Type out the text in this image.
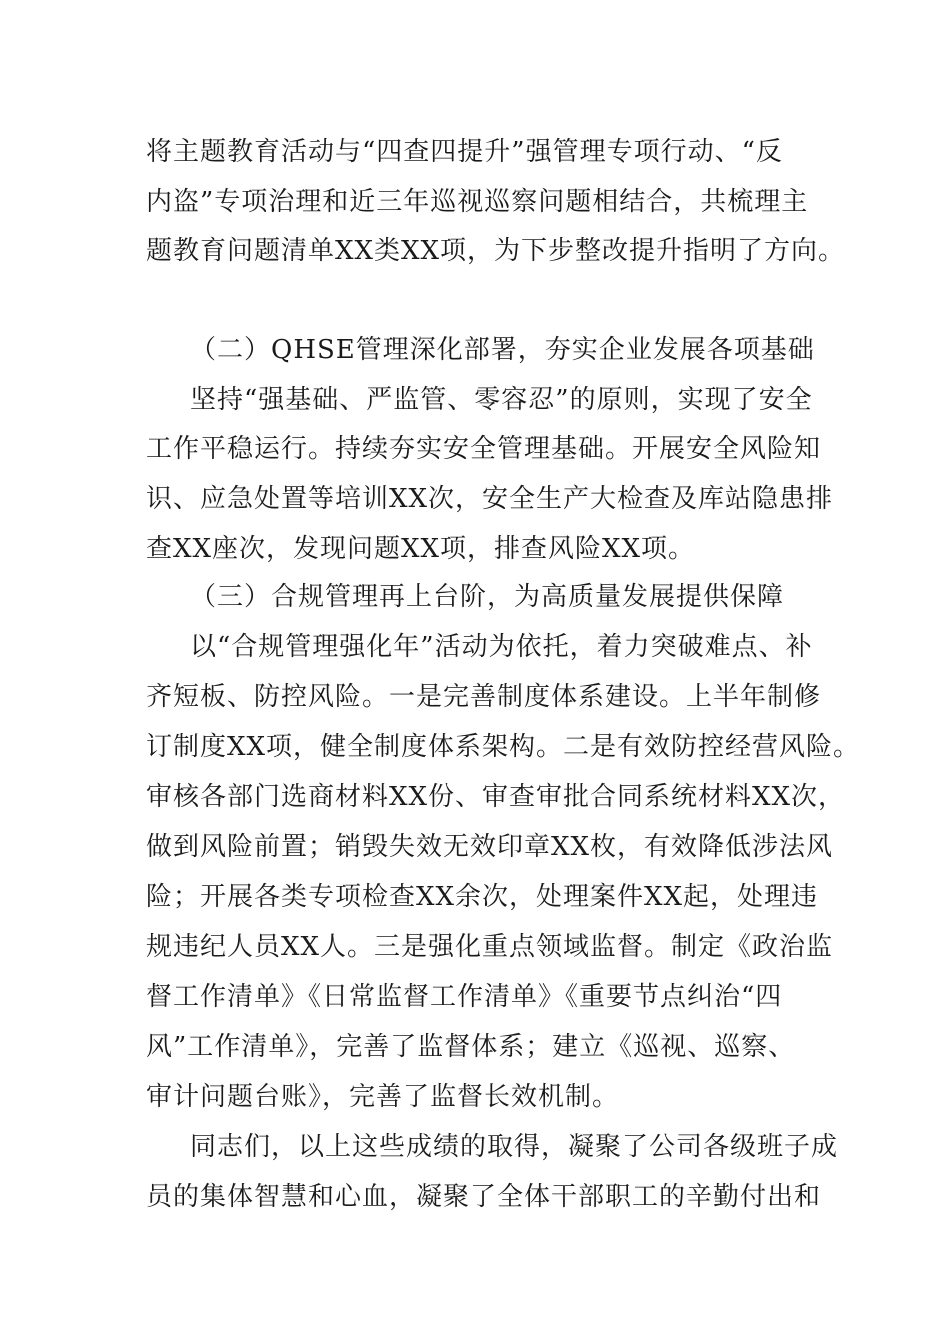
将主题教育活动与“四查四提升”强管理专项行动、“反

内盗”专项治理和近三年巡视巡察问题相结合，共梳理主

题教育问题清单XX类XX项，为下步整改提升指明了方向。

（二）QHSE管理深化部署，夯实企业发展各项基础

坚持“强基础、严监管、零容忍”的原则，实现了安全

工作平稳运行。持续夯实安全管理基础。开展安全风险知

识、应急处置等培训XX次，安全生产大检查及库站隐患排

查XX座次，发现问题XX项，排查风险XX项。

（三）合规管理再上台阶，为高质量发展提供保障

以“合规管理强化年”活动为依托，着力突破难点、补

齐短板、防控风险。一是完善制度体系建设。上半年制修

订制度XX项，健全制度体系架构。二是有效防控经营风险。

审核各部门选商材料XX份、审查审批合同系统材料XX次，

做到风险前置；销毁失效无效印章XX枚，有效降低涉法风

险；开展各类专项检查XX余次，处理案件XX起，处理违

规违纪人员XX人。三是强化重点领域监督。制定《政治监

督工作清单》《日常监督工作清单》《重要节点纠治“四

风”工作清单》，完善了监督体系；建立《巡视、巡察、

审计问题台账》，完善了监督长效机制。

同志们，以上这些成绩的取得，凝聚了公司各级班子成

员的集体智慧和心血，凝聚了全体干部职工的辛勤付出和
